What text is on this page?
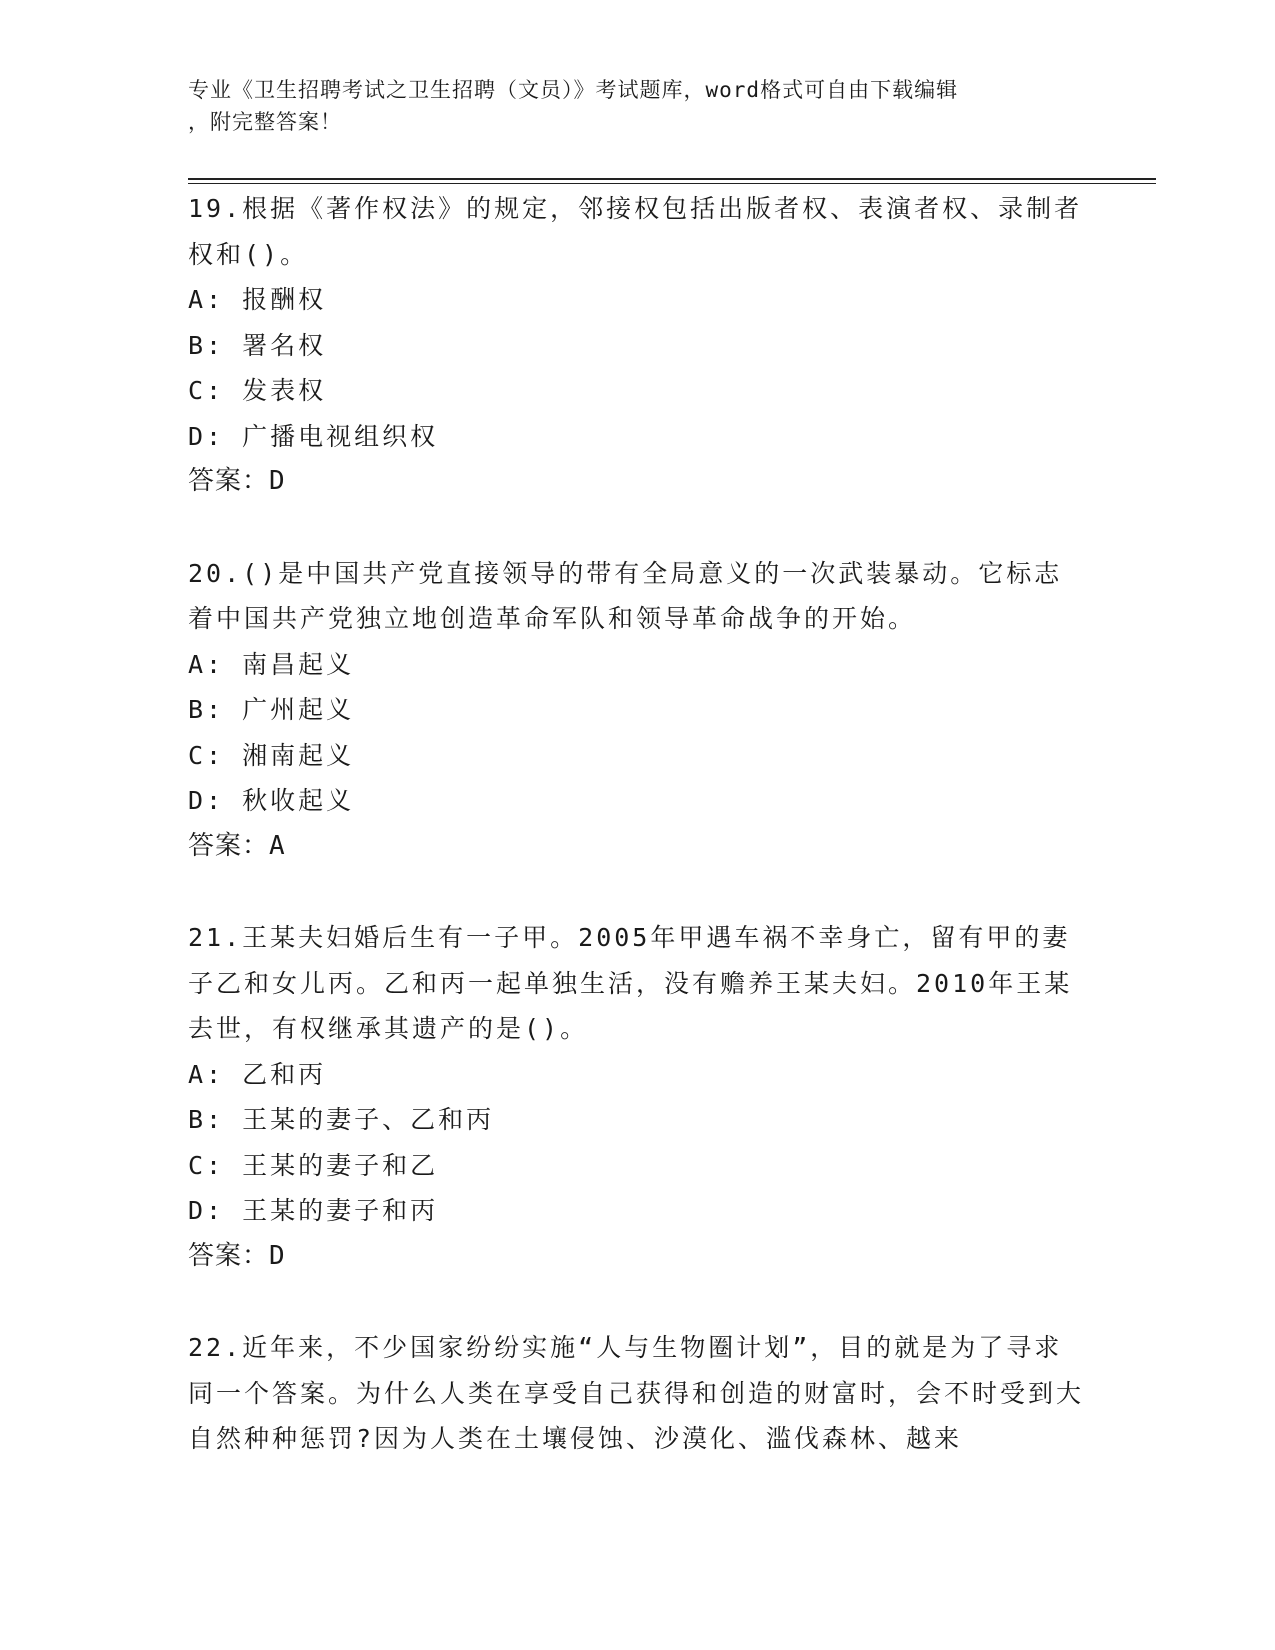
专业《卫生招聘考试之卫生招聘（文员）》考试题库，word格式可自由下载编辑
，附完整答案！
19.根据《著作权法》的规定，邻接权包括出版者权、表演者权、录制者权和()。
A: 报酬权
B: 署名权
C: 发表权
D: 广播电视组织权
答案：D
20.()是中国共产党直接领导的带有全局意义的一次武装暴动。它标志着中国共产党独立地创造革命军队和领导革命战争的开始。
A: 南昌起义
B: 广州起义
C: 湘南起义
D: 秋收起义
答案：A
21.王某夫妇婚后生有一子甲。2005年甲遇车祸不幸身亡，留有甲的妻子乙和女儿丙。乙和丙一起单独生活，没有赡养王某夫妇。2010年王某去世，有权继承其遗产的是()。
A: 乙和丙
B: 王某的妻子、乙和丙
C: 王某的妻子和乙
D: 王某的妻子和丙
答案：D
22.近年来，不少国家纷纷实施“人与生物圈计划”，目的就是为了寻求同一个答案。为什么人类在享受自己获得和创造的财富时，会不时受到大自然种种惩罚?因为人类在土壤侵蚀、沙漠化、滥伐森林、越来
